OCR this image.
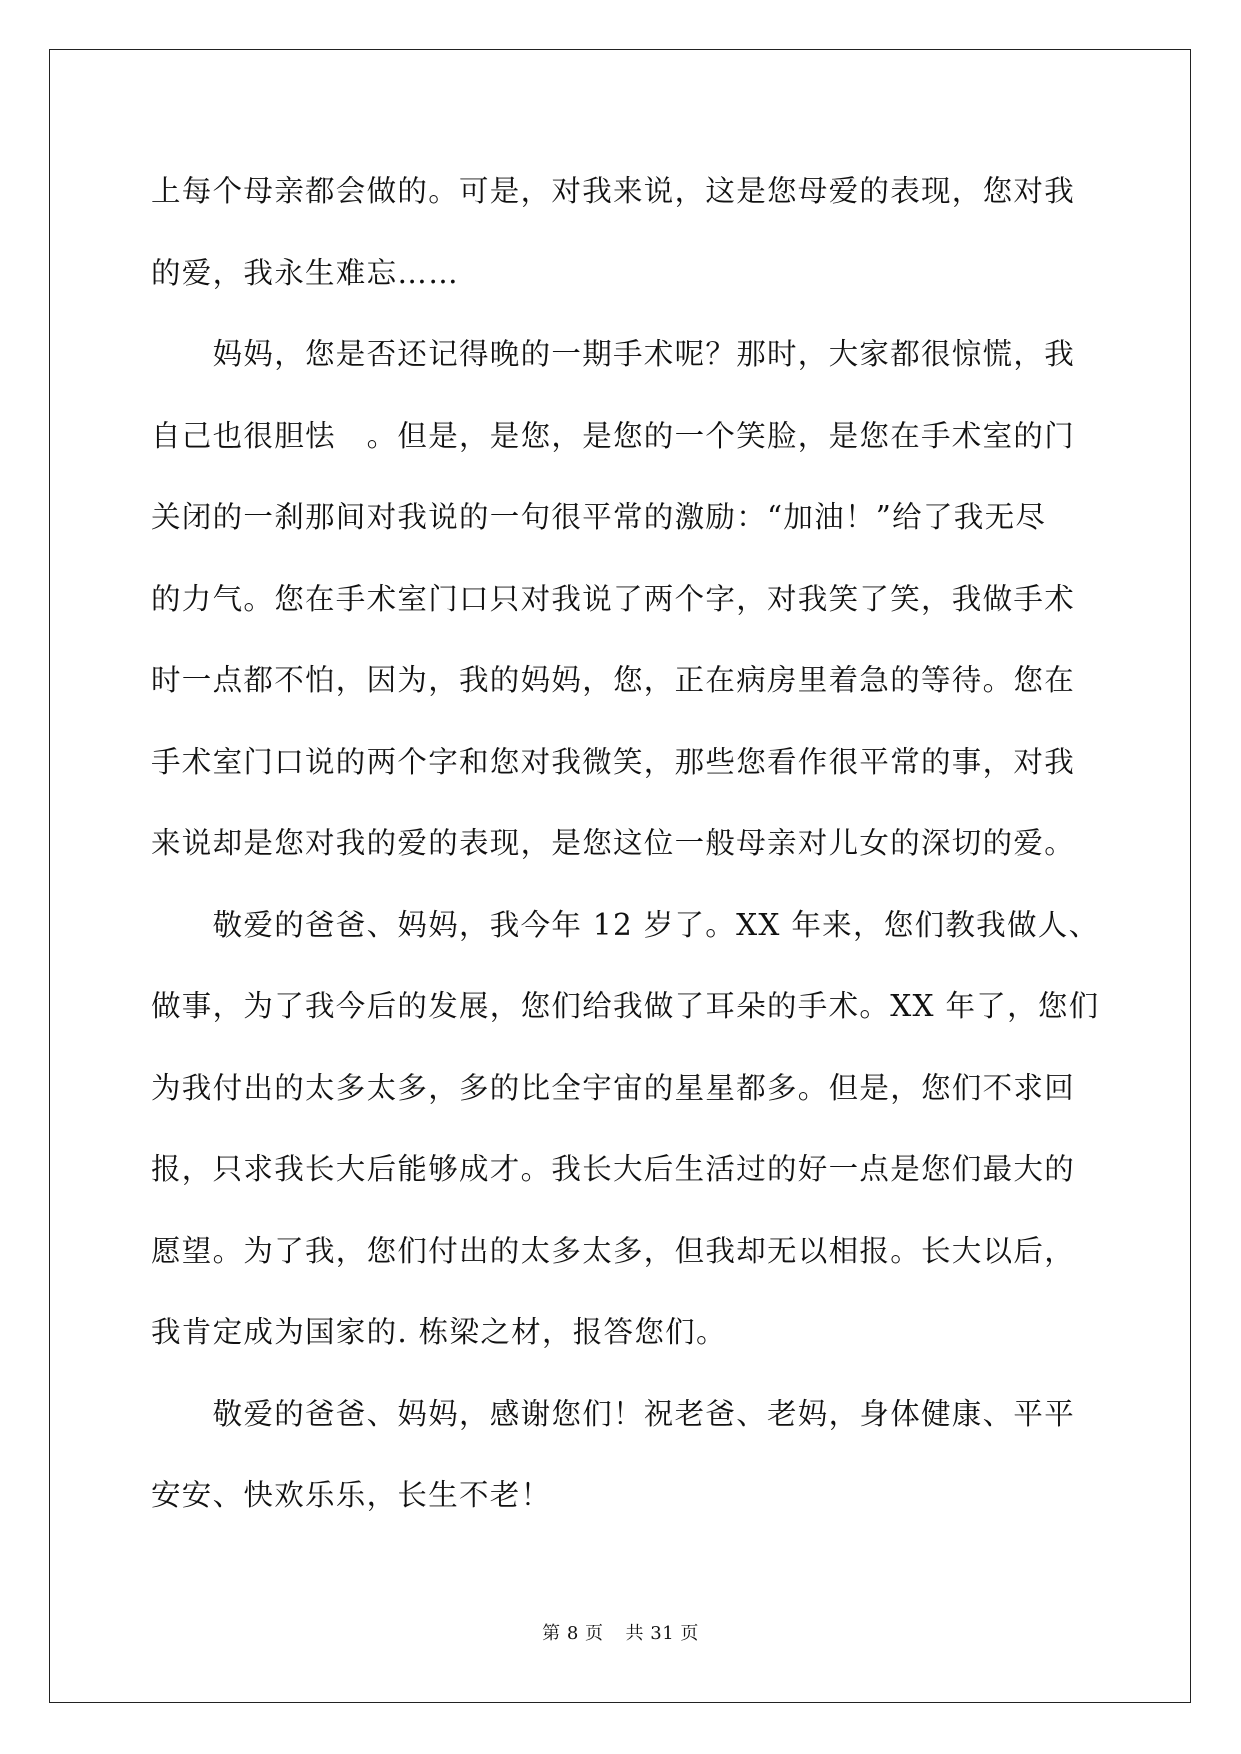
上每个母亲都会做的。可是，对我来说，这是您母爱的表现，您对我
的爱，我永生难忘……
　　妈妈，您是否还记得晚的一期手术呢？那时，大家都很惊慌，我
自己也很胆怯　。但是，是您，是您的一个笑脸，是您在手术室的门
关闭的一刹那间对我说的一句很平常的激励：“加油！”给了我无尽
的力气。您在手术室门口只对我说了两个字，对我笑了笑，我做手术
时一点都不怕，因为，我的妈妈，您，正在病房里着急的等待。您在
手术室门口说的两个字和您对我微笑，那些您看作很平常的事，对我
来说却是您对我的爱的表现，是您这位一般母亲对儿女的深切的爱。
　　敬爱的爸爸、妈妈，我今年 12 岁了。XX 年来，您们教我做人、
做事，为了我今后的发展，您们给我做了耳朵的手术。XX 年了，您们
为我付出的太多太多，多的比全宇宙的星星都多。但是，您们不求回
报，只求我长大后能够成才。我长大后生活过的好一点是您们最大的
愿望。为了我，您们付出的太多太多，但我却无以相报。长大以后，
我肯定成为国家的. 栋梁之材，报答您们。
　　敬爱的爸爸、妈妈，感谢您们！祝老爸、老妈，身体健康、平平
安安、快欢乐乐，长生不老！
第 8 页 共 31 页
